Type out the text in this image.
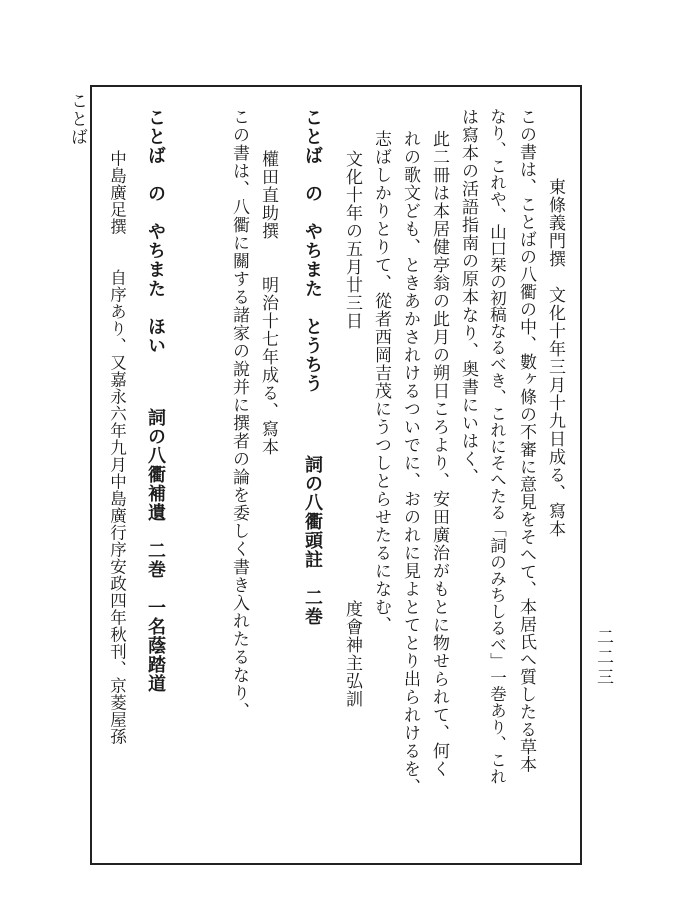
ことば
二二三
東條義門撰　文化十年三月十九日成る、寫本
この書は、ことばの八衢の中、數ヶ條の不審に意見をそへて、本居氏へ質したる草本
なり、これや、山口栞の初稿なるべき、これにそへたる「詞のみちしるべ」一巻あり、これ
は寫本の活語指南の原本なり、奥書にいはく、
此二冊は本居健亭翁の此月の朔日ころより、安田廣治がもとに物せられて、何く
れの歌文ども、ときあかされけるついでに、おのれに見よとてとり出られけるを、
志ばしかりとりて、從者西岡吉茂にうつしとらせたるになむ、
文化十年の五月廿三日
度會神主弘訓
ことば　の　やちまた　とうちう
詞の八衢頭註　二巻
權田直助撰　　明治十七年成る、寫本
この書は、八衢に關する諸家の說并に撰者の論を委しく書き入れたるなり、
ことば　の　やちまた　ほい
詞の八衢補遺　二巻　一名蔭踏道
中島廣足撰　　自序あり、又嘉永六年九月中島廣行序安政四年秋刊、京菱屋孫
